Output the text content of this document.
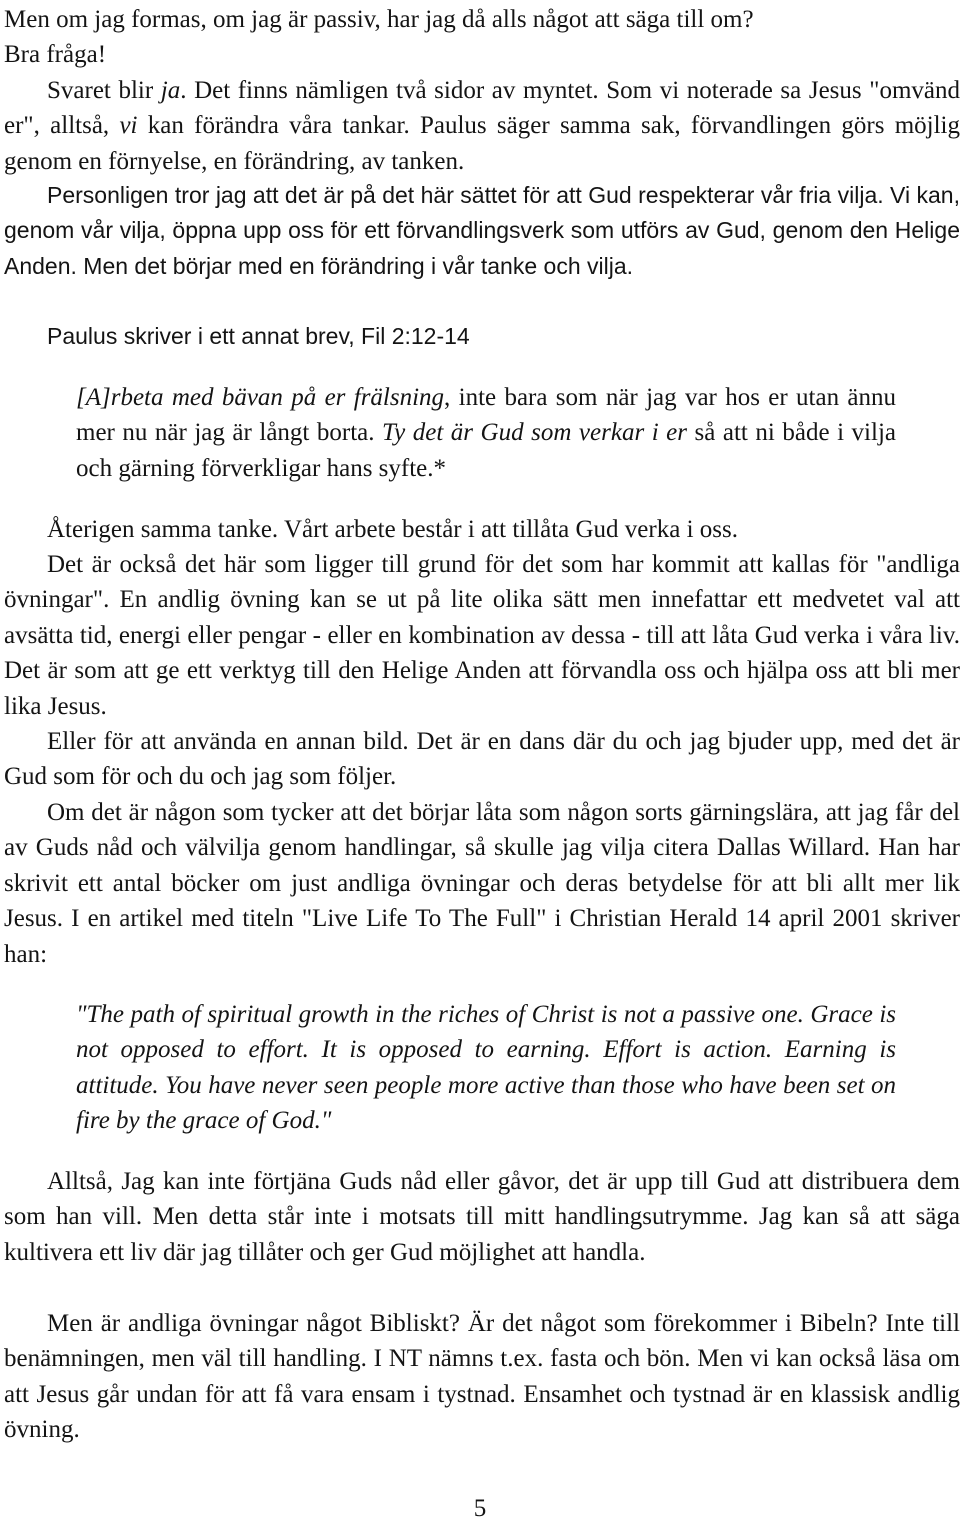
Men om jag formas, om jag är passiv, har jag då alls något att säga till om?
Bra fråga!

Svaret blir ja. Det finns nämligen två sidor av myntet. Som vi noterade sa Jesus "omvänd er", alltså, vi kan förändra våra tankar. Paulus säger samma sak, förvandlingen görs möjlig genom en förnyelse, en förändring, av tanken.

Personligen tror jag att det är på det här sättet för att Gud respekterar vår fria vilja. Vi kan, genom vår vilja, öppna upp oss för ett förvandlingsverk som utförs av Gud, genom den Helige Anden. Men det börjar med en förändring i vår tanke och vilja.

Paulus skriver i ett annat brev, Fil 2:12-14

[A]rbeta med bävan på er frälsning, inte bara som när jag var hos er utan ännu mer nu när jag är långt borta. Ty det är Gud som verkar i er så att ni både i vilja och gärning förverkligar hans syfte.*

Återigen samma tanke. Vårt arbete består i att tillåta Gud verka i oss.

Det är också det här som ligger till grund för det som har kommit att kallas för "andliga övningar". En andlig övning kan se ut på lite olika sätt men innefattar ett medvetet val att avsätta tid, energi eller pengar - eller en kombination av dessa - till att låta Gud verka i våra liv. Det är som att ge ett verktyg till den Helige Anden att förvandla oss och hjälpa oss att bli mer lika Jesus.

Eller för att använda en annan bild. Det är en dans där du och jag bjuder upp, med det är Gud som för och du och jag som följer.

Om det är någon som tycker att det börjar låta som någon sorts gärningslära, att jag får del av Guds nåd och välvilja genom handlingar, så skulle jag vilja citera Dallas Willard. Han har skrivit ett antal böcker om just andliga övningar och deras betydelse för att bli allt mer lik Jesus. I en artikel med titeln "Live Life To The Full" i Christian Herald 14 april 2001 skriver han:

"The path of spiritual growth in the riches of Christ is not a passive one. Grace is not opposed to effort. It is opposed to earning. Effort is action. Earning is attitude. You have never seen people more active than those who have been set on fire by the grace of God."

Alltså, Jag kan inte förtjäna Guds nåd eller gåvor, det är upp till Gud att distribuera dem som han vill. Men detta står inte i motsats till mitt handlingsutrymme. Jag kan så att säga kultivera ett liv där jag tillåter och ger Gud möjlighet att handla.

Men är andliga övningar något Bibliskt? Är det något som förekommer i Bibeln? Inte till benämningen, men väl till handling. I NT nämns t.ex. fasta och bön. Men vi kan också läsa om att Jesus går undan för att få vara ensam i tystnad. Ensamhet och tystnad är en klassisk andlig övning.

5
